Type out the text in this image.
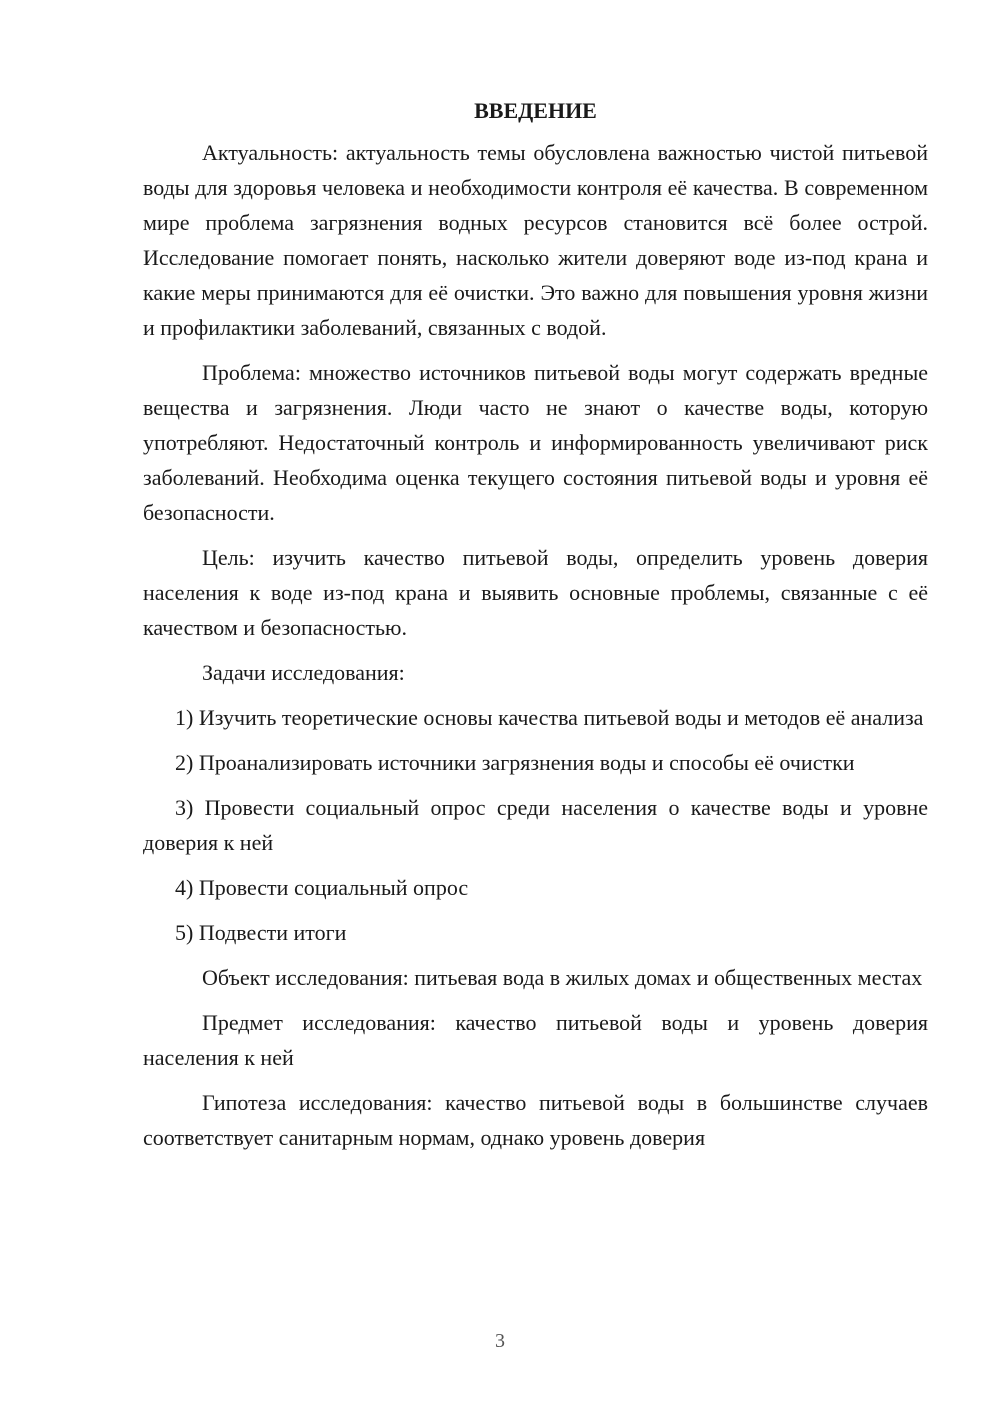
ВВЕДЕНИЕ

Актуальность: актуальность темы обусловлена важностью чистой питьевой воды для здоровья человека и необходимости контроля её качества. В современном мире проблема загрязнения водных ресурсов становится всё более острой. Исследование помогает понять, насколько жители доверяют воде из-под крана и какие меры принимаются для её очистки. Это важно для повышения уровня жизни и профилактики заболеваний, связанных с водой.

Проблема: множество источников питьевой воды могут содержать вредные вещества и загрязнения. Люди часто не знают о качестве воды, которую употребляют. Недостаточный контроль и информированность увеличивают риск заболеваний. Необходима оценка текущего состояния питьевой воды и уровня её безопасности.

Цель: изучить качество питьевой воды, определить уровень доверия населения к воде из-под крана и выявить основные проблемы, связанные с её качеством и безопасностью.

Задачи исследования:

1) Изучить теоретические основы качества питьевой воды и методов её анализа

2) Проанализировать источники загрязнения воды и способы её очистки

3) Провести социальный опрос среди населения о качестве воды и уровне доверия к ней

4) Провести социальный опрос

5) Подвести итоги

Объект исследования: питьевая вода в жилых домах и общественных местах

Предмет исследования: качество питьевой воды и уровень доверия населения к ней

Гипотеза исследования: качество питьевой воды в большинстве случаев соответствует санитарным нормам, однако уровень доверия

3
